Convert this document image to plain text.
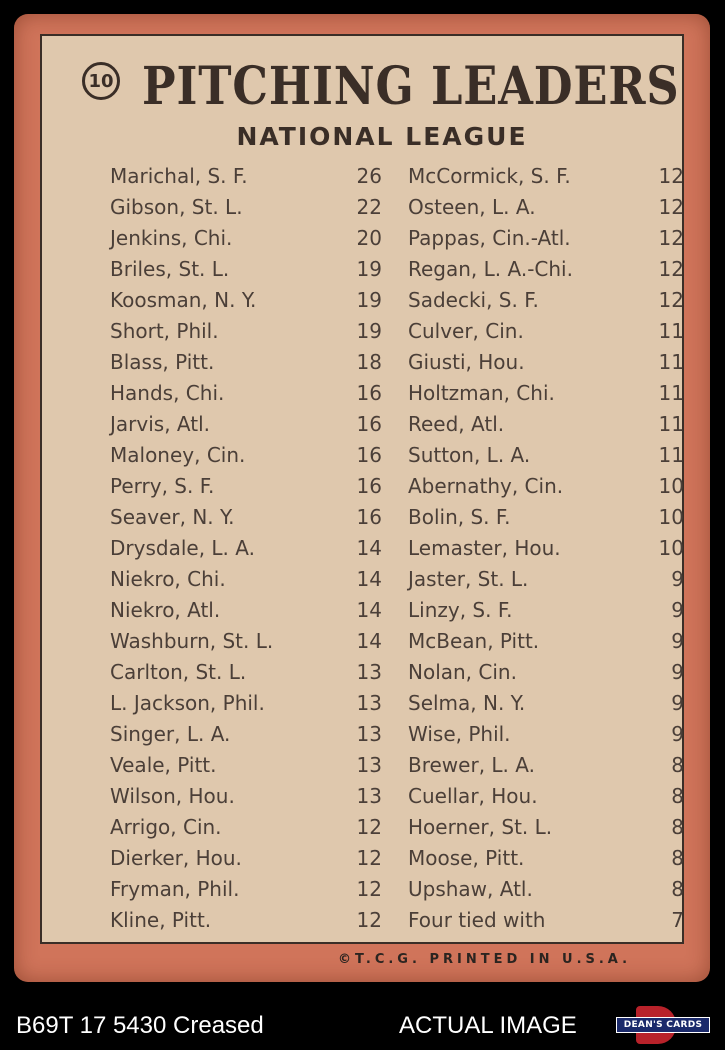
10 PITCHING LEADERS
NATIONAL LEAGUE
Marichal, S. F.	26
Gibson, St. L.	22
Jenkins, Chi.	20
Briles, St. L.	19
Koosman, N. Y.	19
Short, Phil.	19
Blass, Pitt.	18
Hands, Chi.	16
Jarvis, Atl.	16
Maloney, Cin.	16
Perry, S. F.	16
Seaver, N. Y.	16
Drysdale, L. A.	14
Niekro, Chi.	14
Niekro, Atl.	14
Washburn, St. L.	14
Carlton, St. L.	13
L. Jackson, Phil.	13
Singer, L. A.	13
Veale, Pitt.	13
Wilson, Hou.	13
Arrigo, Cin.	12
Dierker, Hou.	12
Fryman, Phil.	12
Kline, Pitt.	12
McCormick, S. F.	12
Osteen, L. A.	12
Pappas, Cin.-Atl.	12
Regan, L. A.-Chi.	12
Sadecki, S. F.	12
Culver, Cin.	11
Giusti, Hou.	11
Holtzman, Chi.	11
Reed, Atl.	11
Sutton, L. A.	11
Abernathy, Cin.	10
Bolin, S. F.	10
Lemaster, Hou.	10
Jaster, St. L.	9
Linzy, S. F.	9
McBean, Pitt.	9
Nolan, Cin.	9
Selma, N. Y.	9
Wise, Phil.	9
Brewer, L. A.	8
Cuellar, Hou.	8
Hoerner, St. L.	8
Moose, Pitt.	8
Upshaw, Atl.	8
Four tied with	7
©T.C.G. PRINTED IN U.S.A.
B69T 17 5430 Creased	ACTUAL IMAGE	DEAN'S CARDS
